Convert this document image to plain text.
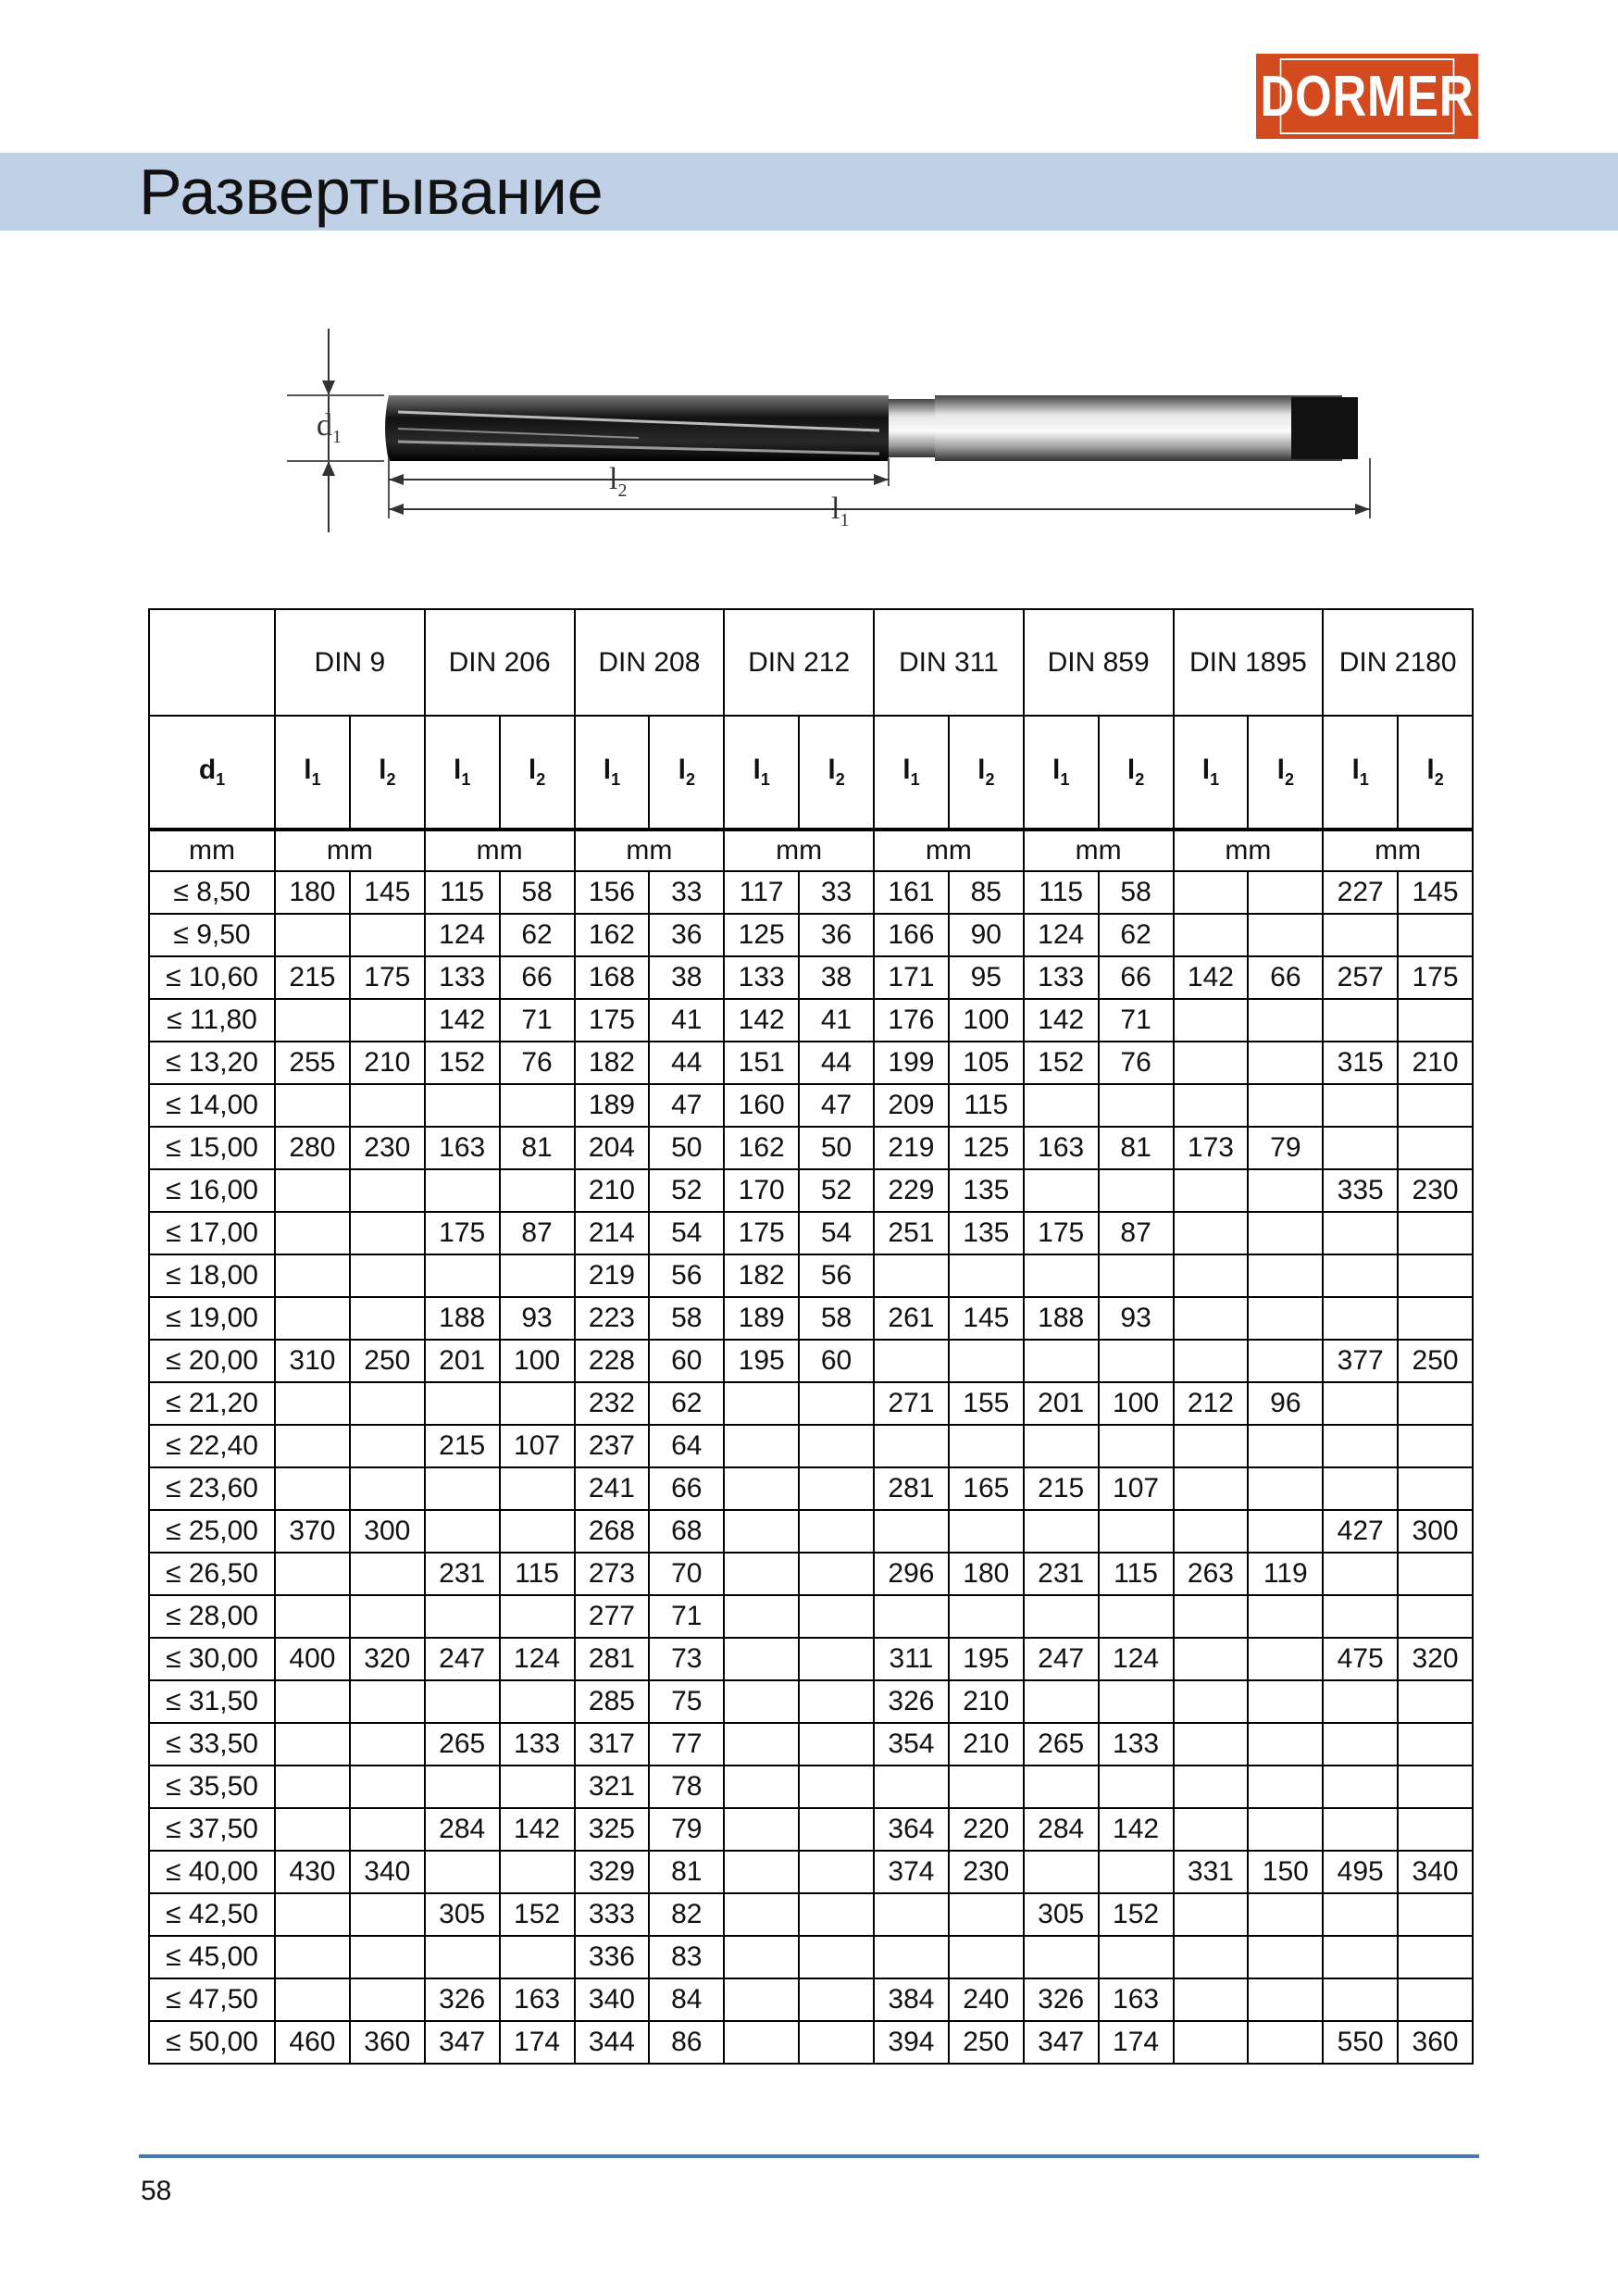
DORMER
Развертывание
$d_1$
$l_2$
$l_1$
	DIN 9		DIN 206		DIN 208		DIN 212		DIN 311		DIN 859		DIN 1895		DIN 2180	
$d_1$	$l_1$	$l_2$	$l_1$	$l_2$	$l_1$	$l_2$	$l_1$	$l_2$	$l_1$	$l_2$	$l_1$	$l_2$	$l_1$	$l_2$	$l_1$	$l_2$
mm	mm		mm		mm		mm		mm		mm		mm		mm	
≤ 8,50	180	145	115	58	156	33	117	33	161	85	115	58			227	145
≤ 9,50			124	62	162	36	125	36	166	90	124	62				
≤ 10,60	215	175	133	66	168	38	133	38	171	95	133	66	142	66	257	175
≤ 11,80			142	71	175	41	142	41	176	100	142	71				
≤ 13,20	255	210	152	76	182	44	151	44	199	105	152	76			315	210
≤ 14,00					189	47	160	47	209	115						
≤ 15,00	280	230	163	81	204	50	162	50	219	125	163	81	173	79		
≤ 16,00					210	52	170	52	229	135					335	230
≤ 17,00			175	87	214	54	175	54	251	135	175	87				
≤ 18,00					219	56	182	56								
≤ 19,00			188	93	223	58	189	58	261	145	188	93				
≤ 20,00	310	250	201	100	228	60	195	60							377	250
≤ 21,20					232	62			271	155	201	100	212	96		
≤ 22,40			215	107	237	64										
≤ 23,60					241	66			281	165	215	107				
≤ 25,00	370	300			268	68									427	300
≤ 26,50			231	115	273	70			296	180	231	115	263	119		
≤ 28,00					277	71										
≤ 30,00	400	320	247	124	281	73			311	195	247	124			475	320
≤ 31,50					285	75			326	210						
≤ 33,50			265	133	317	77			354	210	265	133				
≤ 35,50					321	78										
≤ 37,50			284	142	325	79			364	220	284	142				
≤ 40,00	430	340			329	81			374	230			331	150	495	340
≤ 42,50			305	152	333	82					305	152				
≤ 45,00					336	83										
≤ 47,50			326	163	340	84			384	240	326	163				
≤ 50,00	460	360	347	174	344	86			394	250	347	174			550	360
58
